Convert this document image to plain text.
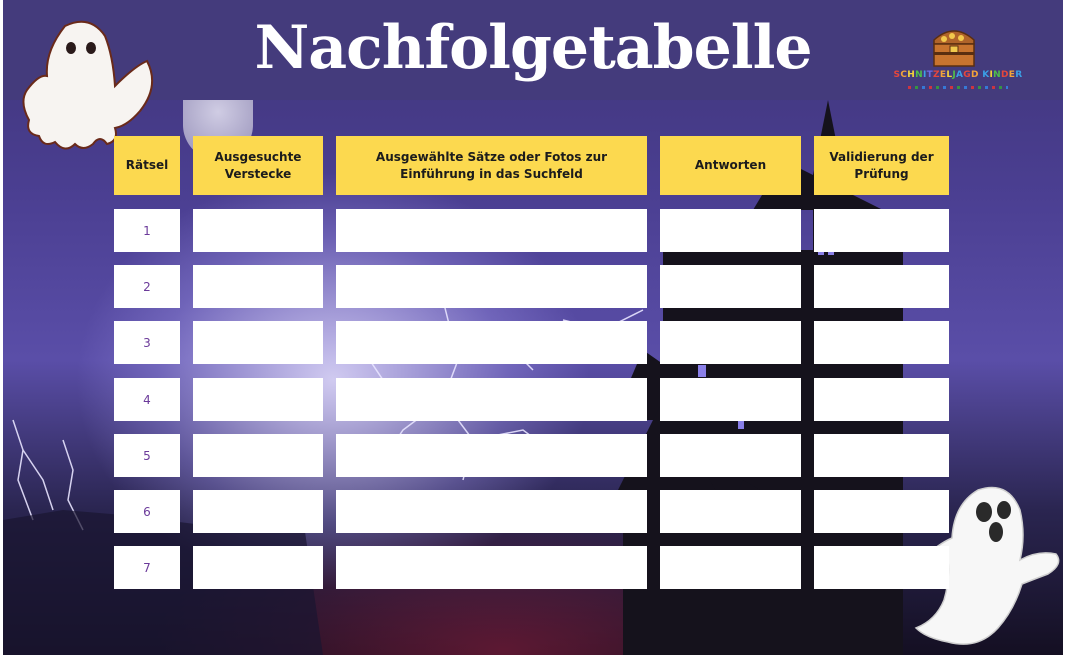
Nachfolgetabelle	SCHNITZELJAGD KINDER
Rätsel
Ausgesuchte Verstecke
Ausgewählte Sätze oder Fotos zur Einführung in das Suchfeld
Antworten
Validierung der Prüfung
1
2
3
4
5
6
7
